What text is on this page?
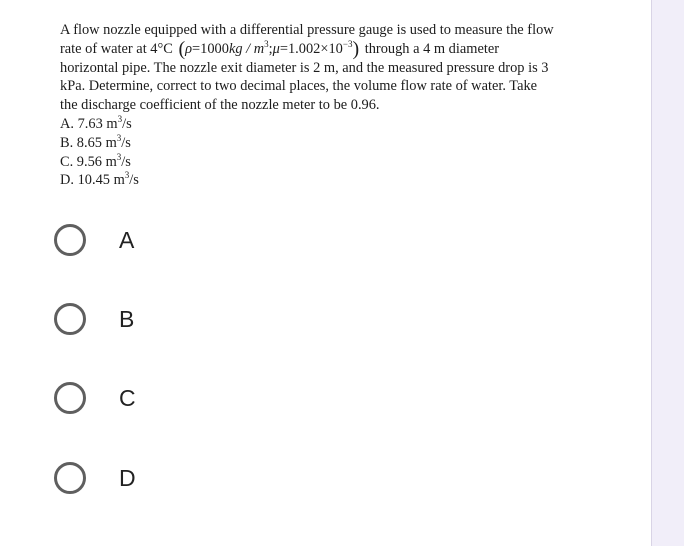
A flow nozzle equipped with a differential pressure gauge is used to measure the flow
rate of water at 4°C $(\rho=1000kg / m^3;\mu=1.002\times 10^{-3})$ through a 4 m diameter
horizontal pipe. The nozzle exit diameter is 2 m, and the measured pressure drop is 3
kPa. Determine, correct to two decimal places, the volume flow rate of water. Take
the discharge coefficient of the nozzle meter to be 0.96.
A. 7.63 $m^3/s$
B. 8.65 $m^3/s$
C. 9.56 $m^3/s$
D. 10.45 $m^3/s$
A
B
C
D
